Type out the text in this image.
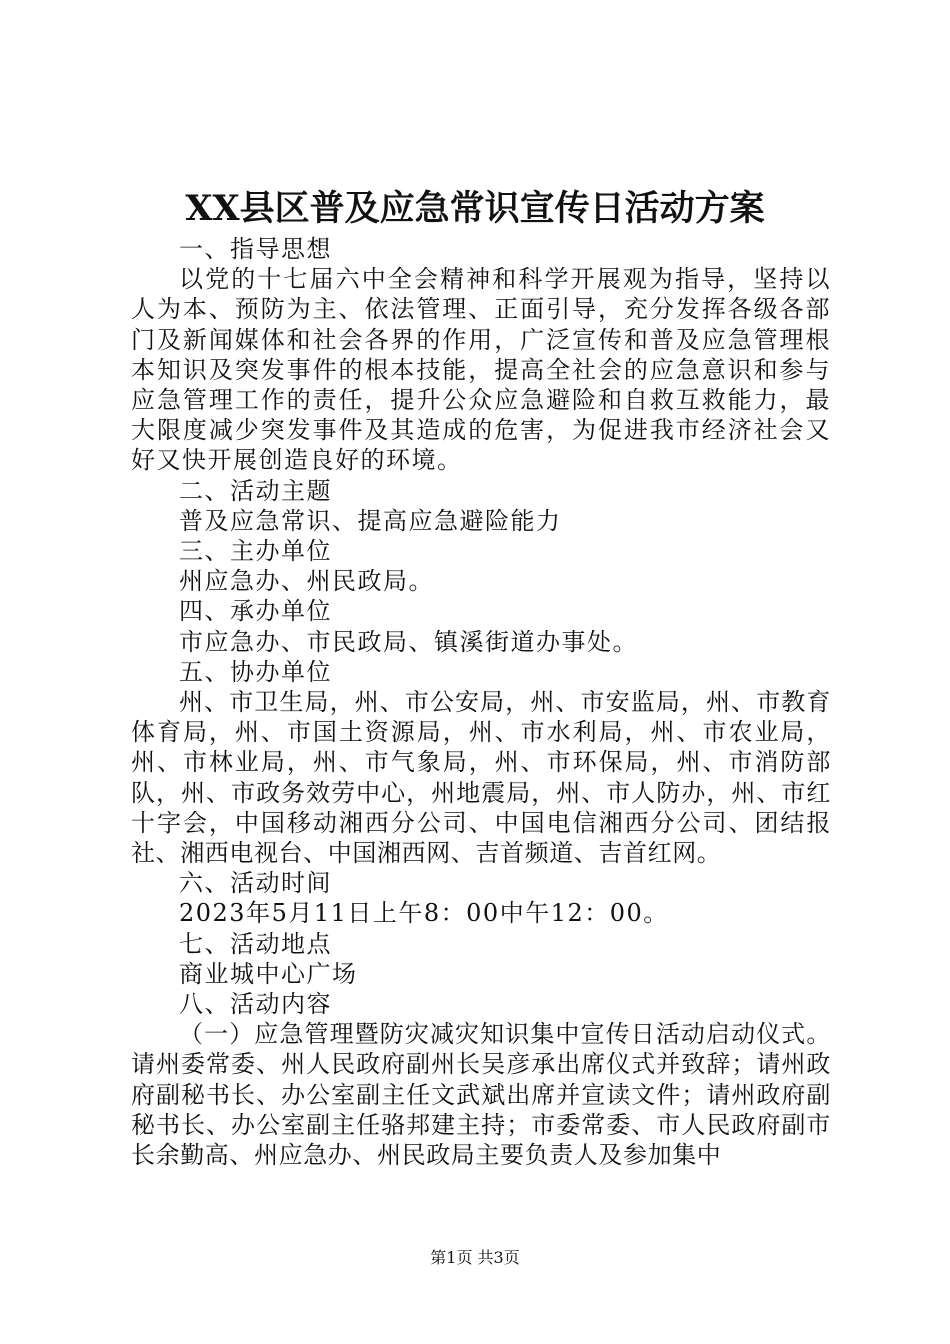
XX县区普及应急常识宣传日活动方案

一、指导思想

以党的十七届六中全会精神和科学开展观为指导，坚持以人为本、预防为主、依法管理、正面引导，充分发挥各级各部门及新闻媒体和社会各界的作用，广泛宣传和普及应急管理根本知识及突发事件的根本技能，提高全社会的应急意识和参与应急管理工作的责任，提升公众应急避险和自救互救能力，最大限度减少突发事件及其造成的危害，为促进我市经济社会又好又快开展创造良好的环境。

二、活动主题

普及应急常识、提高应急避险能力

三、主办单位

州应急办、州民政局。

四、承办单位

市应急办、市民政局、镇溪街道办事处。

五、协办单位

州、市卫生局，州、市公安局，州、市安监局，州、市教育体育局，州、市国土资源局，州、市水利局，州、市农业局，州、市林业局，州、市气象局，州、市环保局，州、市消防部队，州、市政务效劳中心，州地震局，州、市人防办，州、市红十字会，中国移动湘西分公司、中国电信湘西分公司、团结报社、湘西电视台、中国湘西网、吉首频道、吉首红网。

六、活动时间

2023年5月11日上午8：00中午12：00。

七、活动地点

商业城中心广场

八、活动内容

（一）应急管理暨防灾减灾知识集中宣传日活动启动仪式。请州委常委、州人民政府副州长吴彦承出席仪式并致辞；请州政府副秘书长、办公室副主任文武斌出席并宣读文件；请州政府副秘书长、办公室副主任骆邦建主持；市委常委、市人民政府副市长余勤高、州应急办、州民政局主要负责人及参加集中

第1页 共3页
